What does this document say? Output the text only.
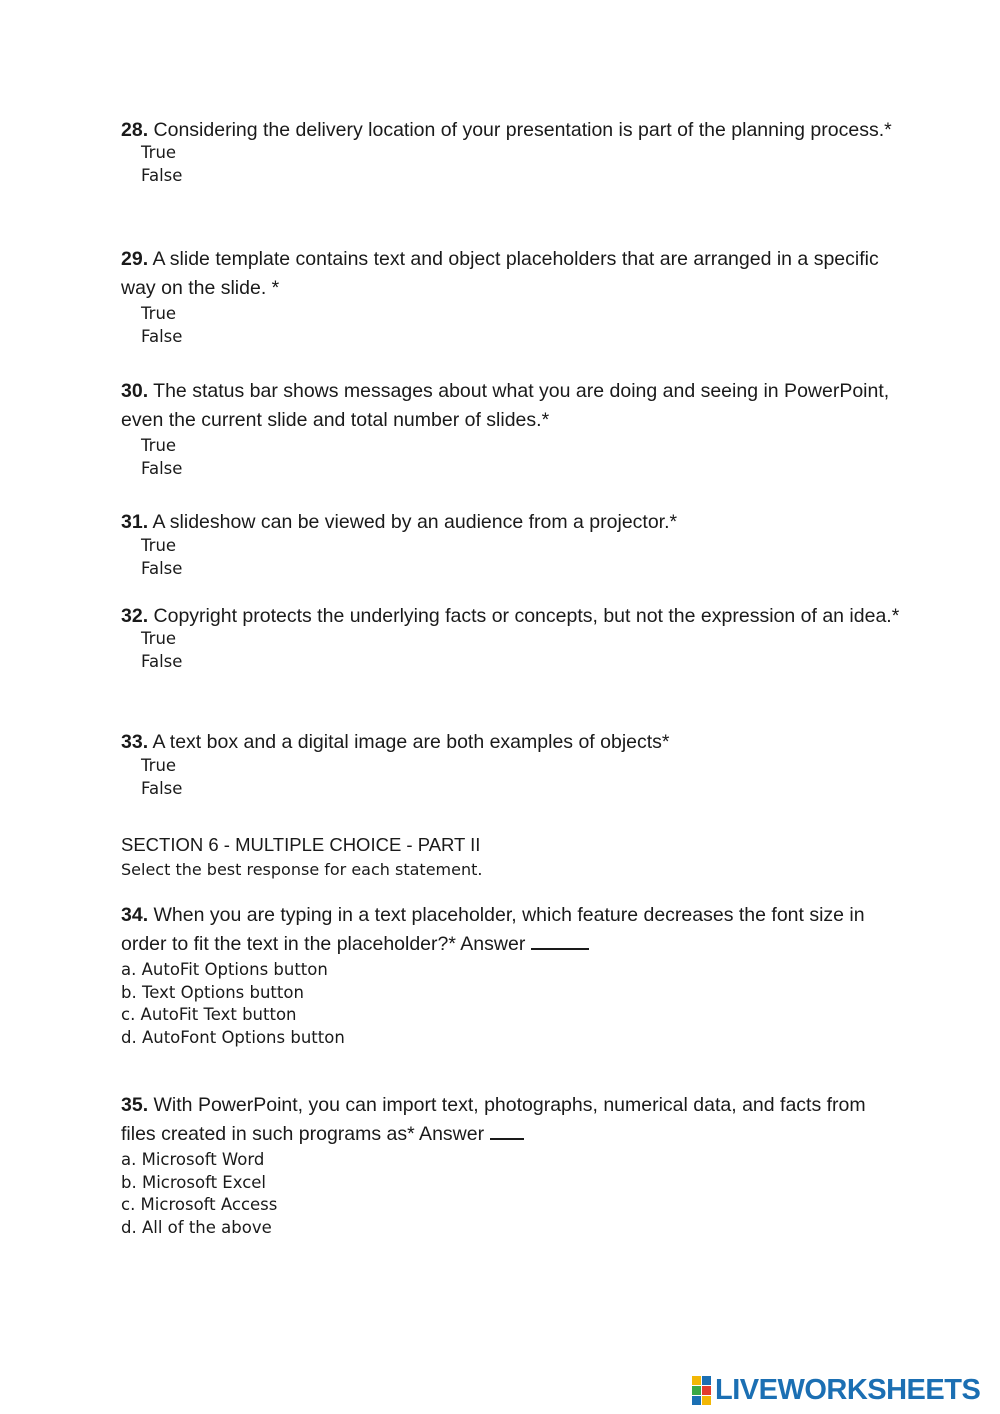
28. Considering the delivery location of your presentation is part of the planning process.*

True

False

29. A slide template contains text and object placeholders that are arranged in a specific way on the slide. *

True

False

30. The status bar shows messages about what you are doing and seeing in PowerPoint, even the current slide and total number of slides.*

True

False

31. A slideshow can be viewed by an audience from a projector.*

True

False

32. Copyright protects the underlying facts or concepts, but not the expression of an idea.*

True

False

33. A text box and a digital image are both examples of objects*

True

False

SECTION 6 - MULTIPLE CHOICE - PART II

Select the best response for each statement.

34. When you are typing in a text placeholder, which feature decreases the font size in order to fit the text in the placeholder?* Answer

a. AutoFit Options button

b. Text Options button

c. AutoFit Text button

d. AutoFont Options button

35. With PowerPoint, you can import text, photographs, numerical data, and facts from files created in such programs as* Answer

a. Microsoft Word

b. Microsoft Excel

c. Microsoft Access

d. All of the above

LIVEWORKSHEETS
